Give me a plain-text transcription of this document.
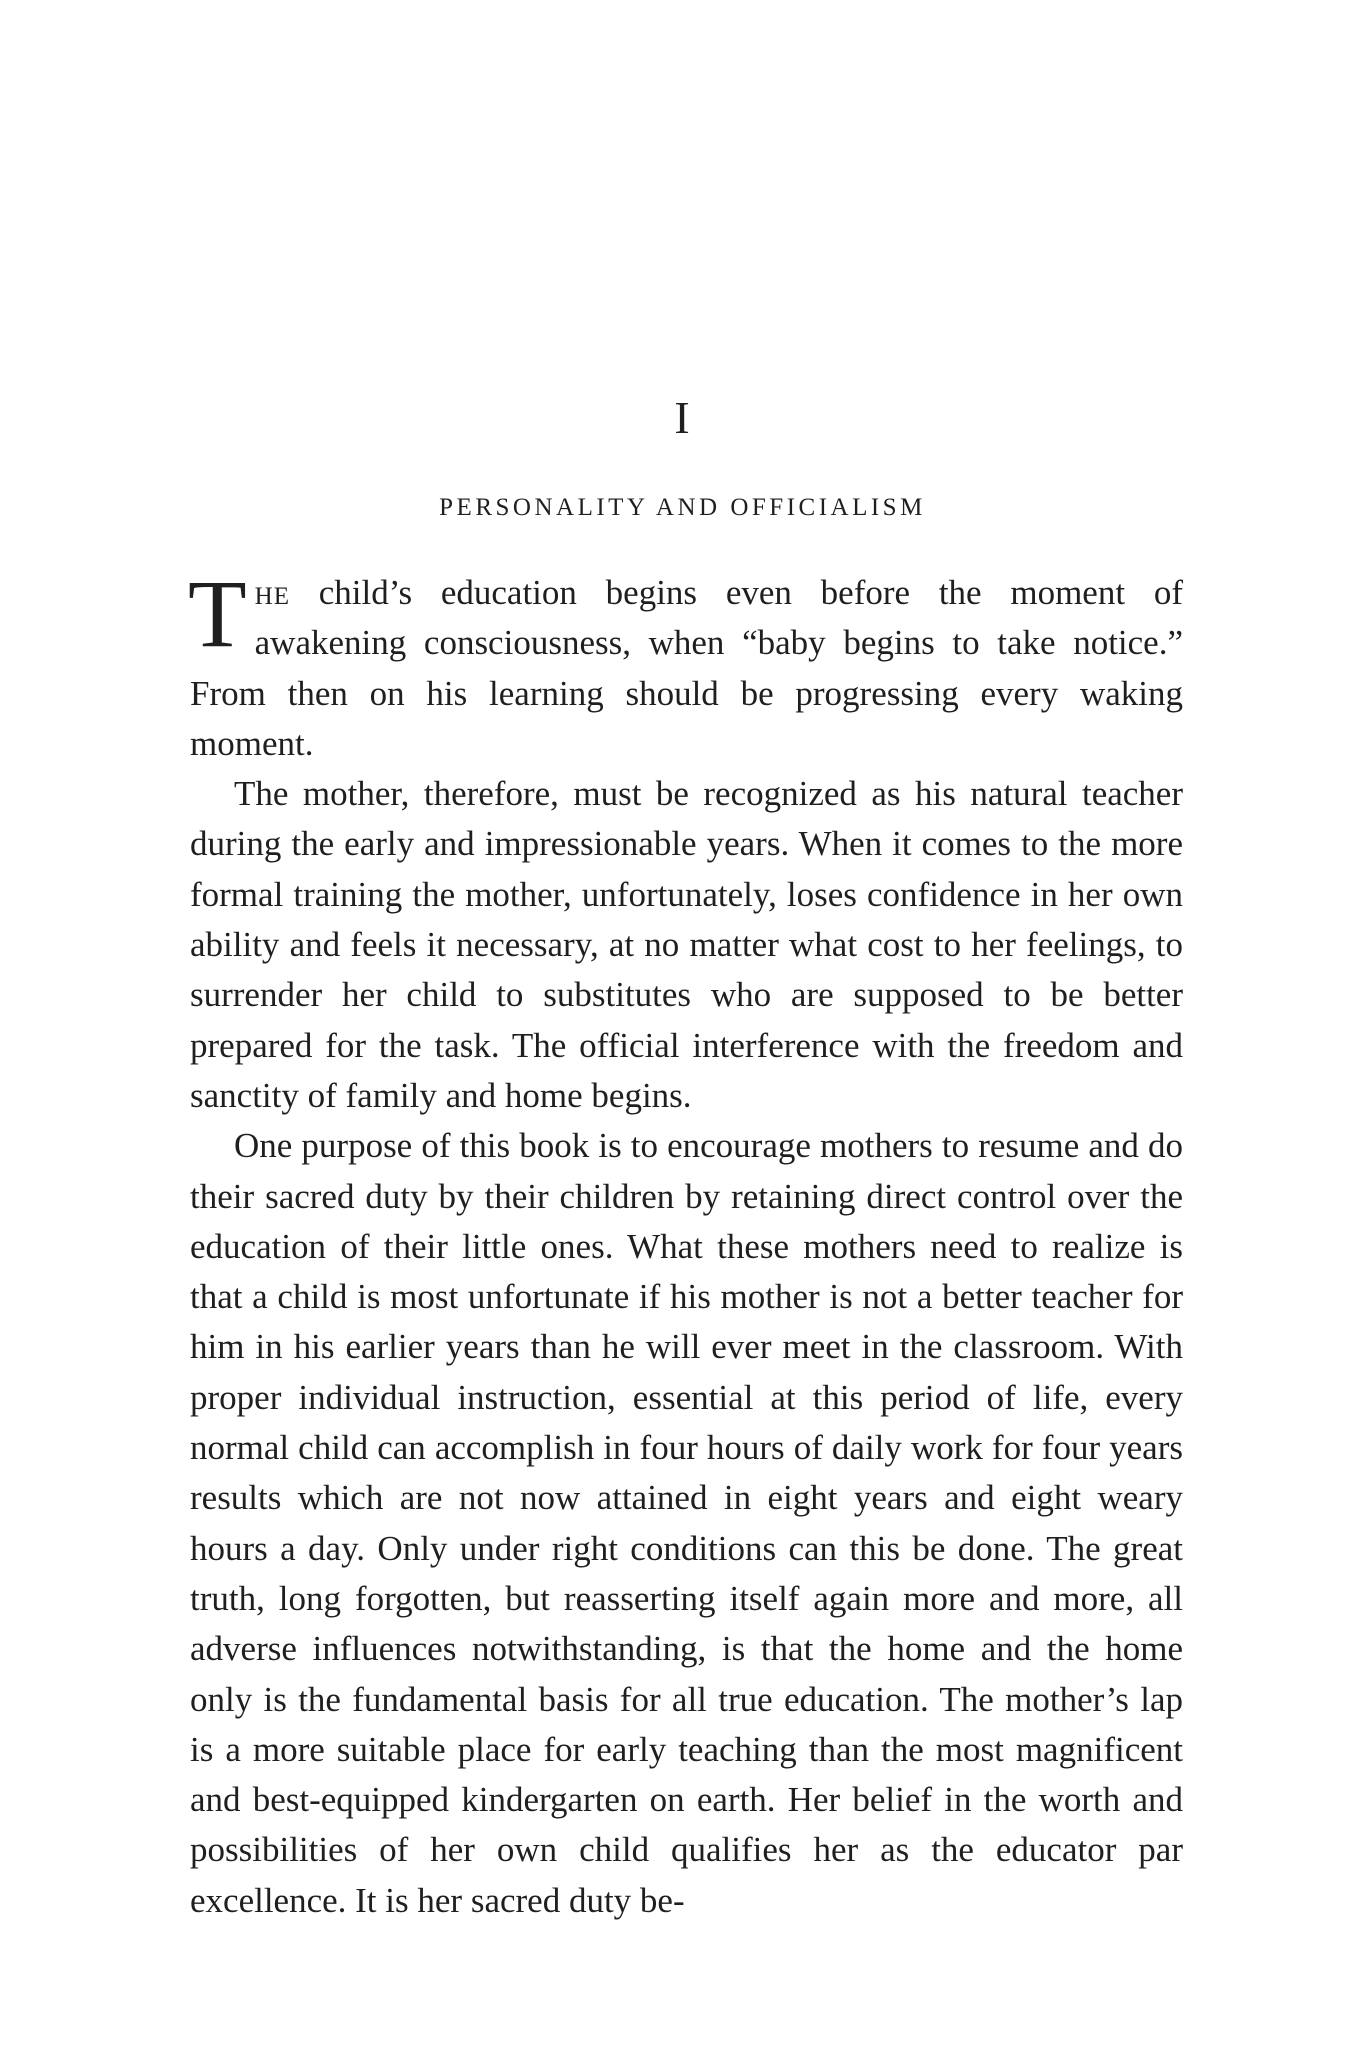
I
PERSONALITY AND OFFICIALISM

The child’s education begins even before the moment of awakening consciousness, when “baby begins to take notice.” From then on his learning should be progressing every waking moment.

The mother, therefore, must be recognized as his natural teacher during the early and impressionable years. When it comes to the more formal training the mother, unfortunately, loses confidence in her own ability and feels it necessary, at no matter what cost to her feelings, to surrender her child to substitutes who are supposed to be better prepared for the task. The official interference with the freedom and sanctity of family and home begins.

One purpose of this book is to encourage mothers to resume and do their sacred duty by their children by retaining direct control over the education of their little ones. What these mothers need to realize is that a child is most unfortunate if his mother is not a better teacher for him in his earlier years than he will ever meet in the classroom. With proper individual instruction, essential at this period of life, every normal child can accomplish in four hours of daily work for four years results which are not now attained in eight years and eight weary hours a day. Only under right conditions can this be done. The great truth, long forgotten, but reasserting itself again more and more, all adverse influences notwithstanding, is that the home and the home only is the fundamental basis for all true education. The mother’s lap is a more suitable place for early teaching than the most magnificent and best-equipped kindergarten on earth. Her belief in the worth and possibilities of her own child qualifies her as the educator par excellence. It is her sacred duty be-
